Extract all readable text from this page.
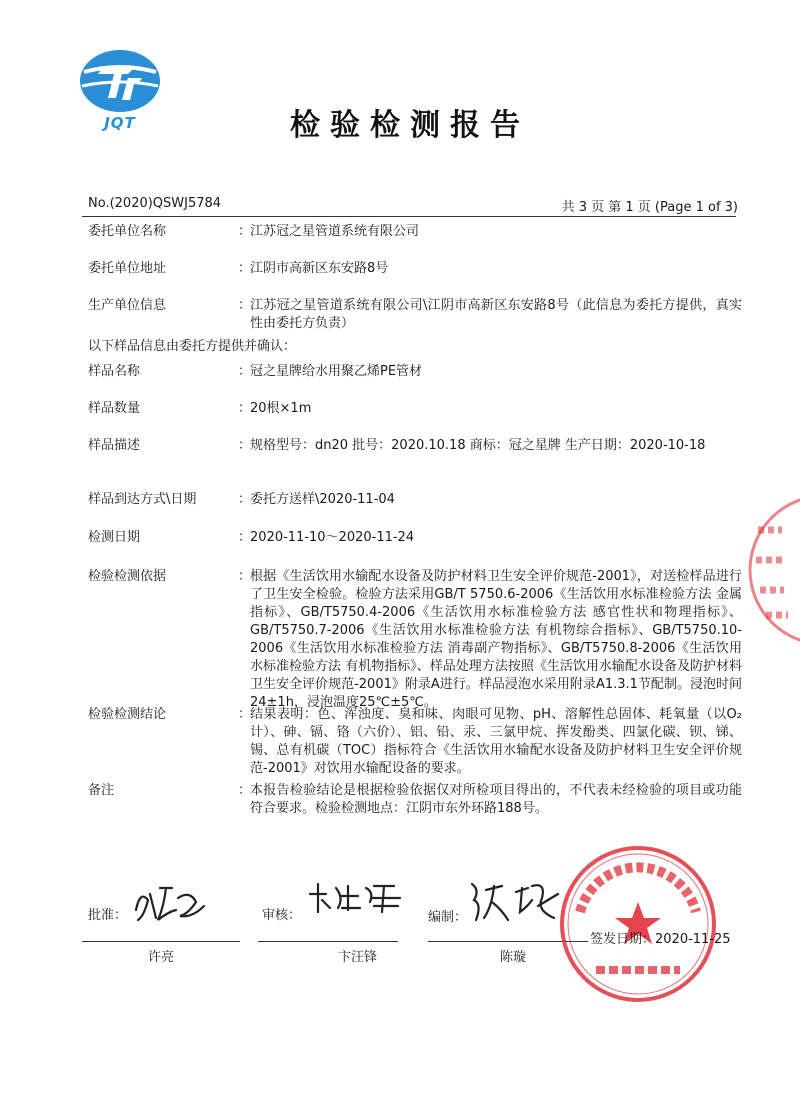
JQT	检验检测报告
No.(2020)QSWJ5784	共 3 页 第 1 页 (Page 1 of 3)
委托单位名称	：
江苏冠之星管道系统有限公司
委托单位地址	：
江阴市高新区东安路8号
生产单位信息	：
江苏冠之星管道系统有限公司\江阴市高新区东安路8号（此信息为委托方提供，真实性由委托方负责）
以下样品信息由委托方提供并确认：
样品名称	：
冠之星牌给水用聚乙烯PE管材
样品数量	：
20根×1m
样品描述	：
规格型号：dn20 批号：2020.10.18 商标：冠之星牌 生产日期：2020-10-18
样品到达方式\日期	：
委托方送样\2020-11-04
检测日期	：
2020-11-10～2020-11-24
检验检测依据	：
根据《生活饮用水输配水设备及防护材料卫生安全评价规范-2001》，对送检样品进行了卫生安全检验。检验方法采用GB/T 5750.6-2006《生活饮用水标准检验方法 金属指标》、GB/T5750.4-2006《生活饮用水标准检验方法 感官性状和物理指标》、GB/T5750.7-2006《生活饮用水标准检验方法 有机物综合指标》、GB/T5750.10-2006《生活饮用水标准检验方法 消毒副产物指标》、GB/T5750.8-2006《生活饮用水标准检验方法 有机物指标》、样品处理方法按照《生活饮用水输配水设备及防护材料卫生安全评价规范-2001》附录A进行。样品浸泡水采用附录A1.3.1节配制。浸泡时间24±1h，浸泡温度25℃±5℃。
检验检测结论	：
结果表明：色、浑浊度、臭和味、肉眼可见物、pH、溶解性总固体、耗氧量（以O₂计）、砷、镉、铬（六价）、铝、铅、汞、三氯甲烷、挥发酚类、四氯化碳、钡、锑、锡、总有机碳（TOC）指标符合《生活饮用水输配水设备及防护材料卫生安全评价规范-2001》对饮用水输配设备的要求。
备注	：
本报告检验结论是根据检验依据仅对所检项目得出的，不代表未经检验的项目或功能符合要求。检验检测地点：江阴市东外环路188号。
批准：
许亮
审核：
卞汪锋
编制：
陈璇
签发日期：2020-11-25
